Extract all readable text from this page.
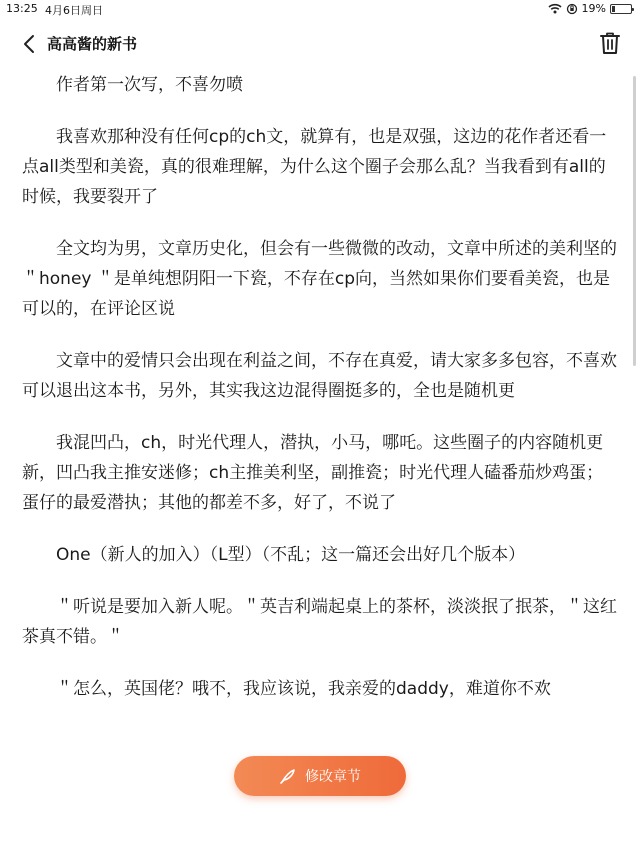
13:25 4月6日周日	19%
高高酱的新书

作者第一次写，不喜勿喷

我喜欢那种没有任何cp的ch文，就算有，也是双强，这边的花作者还看一点all类型和美瓷，真的很难理解，为什么这个圈子会那么乱？当我看到有all的时候，我要裂开了

全文均为男，文章历史化，但会有一些微微的改动，文章中所述的美利坚的＂honey ＂是单纯想阴阳一下瓷，不存在cp向，当然如果你们要看美瓷，也是可以的，在评论区说

文章中的爱情只会出现在利益之间，不存在真爱，请大家多多包容，不喜欢可以退出这本书，另外，其实我这边混得圈挺多的，全也是随机更

我混凹凸，ch，时光代理人，潜执，小马，哪吒。这些圈子的内容随机更新，凹凸我主推安迷修；ch主推美利坚，副推瓷；时光代理人磕番茄炒鸡蛋；蛋仔的最爱潜执；其他的都差不多，好了，不说了

One（新人的加入）（L型）（不乱；这一篇还会出好几个版本）

＂听说是要加入新人呢。＂英吉利端起桌上的茶杯，淡淡抿了抿茶，＂这红茶真不错。＂

＂怎么，英国佬？哦不，我应该说，我亲爱的daddy，难道你不欢

修改章节
